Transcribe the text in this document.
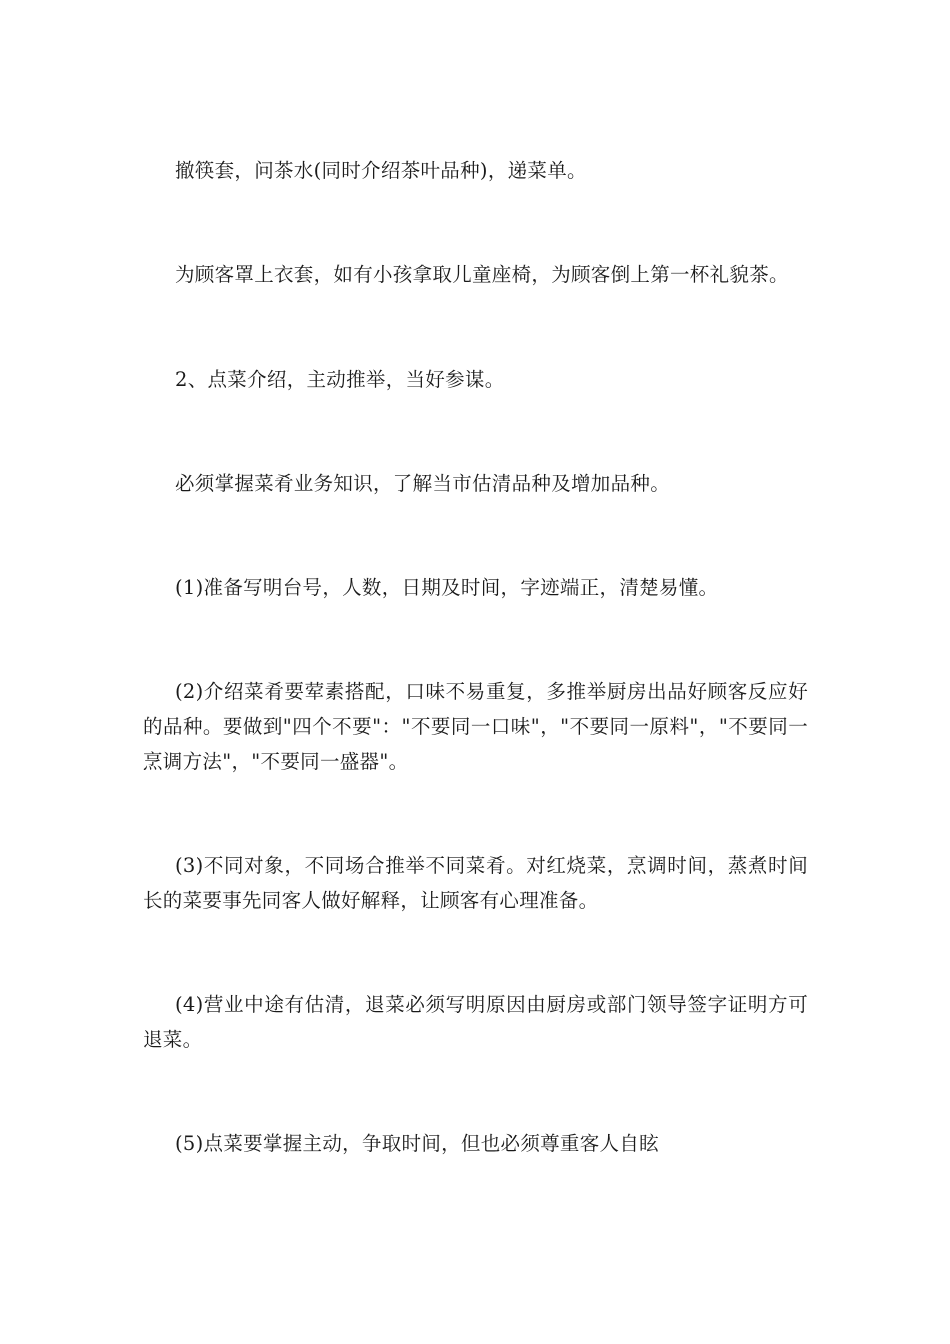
撤筷套，问茶水(同时介绍茶叶品种)，递菜单。

为顾客罩上衣套，如有小孩拿取儿童座椅，为顾客倒上第一杯礼貌茶。

2、点菜介绍，主动推举，当好参谋。

必须掌握菜肴业务知识，了解当市估清品种及增加品种。

(1)准备写明台号，人数，日期及时间，字迹端正，清楚易懂。

(2)介绍菜肴要荤素搭配，口味不易重复，多推举厨房出品好顾客反应好的品种。要做到"四个不要"："不要同一口味"，"不要同一原料"，"不要同一烹调方法"，"不要同一盛器"。

(3)不同对象，不同场合推举不同菜肴。对红烧菜，烹调时间，蒸煮时间长的菜要事先同客人做好解释，让顾客有心理准备。

(4)营业中途有估清，退菜必须写明原因由厨房或部门领导签字证明方可退菜。

(5)点菜要掌握主动，争取时间，但也必须尊重客人自眩
